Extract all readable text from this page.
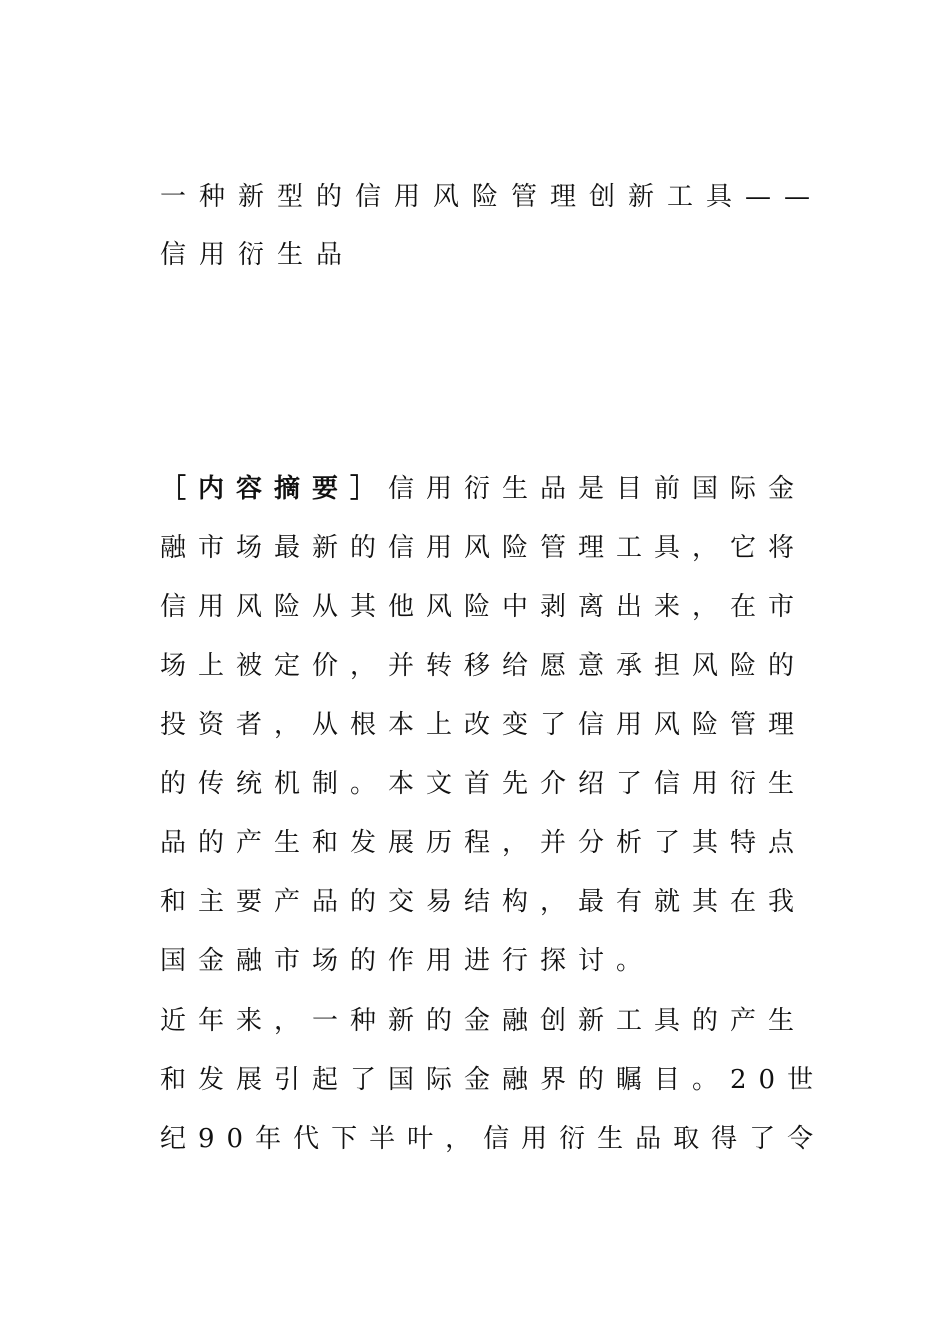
一种新型的信用风险管理创新工具——
信用衍生品
［内容摘要］信用衍生品是目前国际金
融市场最新的信用风险管理工具，它将
信用风险从其他风险中剥离出来，在市
场上被定价，并转移给愿意承担风险的
投资者，从根本上改变了信用风险管理
的传统机制。本文首先介绍了信用衍生
品的产生和发展历程，并分析了其特点
和主要产品的交易结构，最有就其在我
国金融市场的作用进行探讨。
近年来，一种新的金融创新工具的产生
和发展引起了国际金融界的瞩目。20世
纪90年代下半叶，信用衍生品取得了令
